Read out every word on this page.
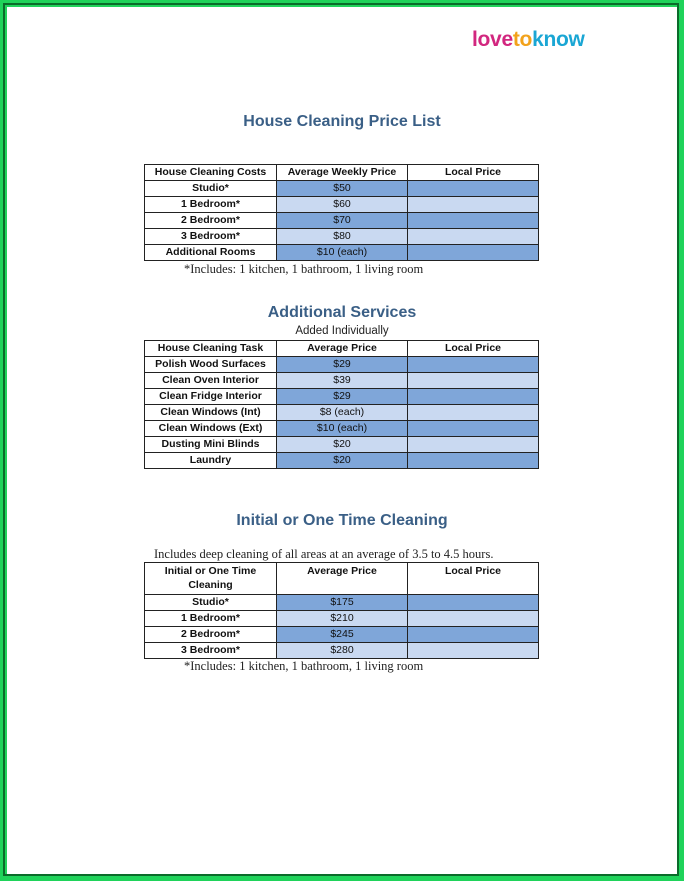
lovetoknow
House Cleaning Price List
House Cleaning Costs	Average Weekly Price	Local Price
Studio*	$50	
1 Bedroom*	$60	
2 Bedroom*	$70	
3 Bedroom*	$80	
Additional Rooms	$10 (each)	
*Includes: 1 kitchen, 1 bathroom, 1 living room
Additional Services
Added Individually
House Cleaning Task	Average Price	Local Price
Polish Wood Surfaces	$29	
Clean Oven Interior	$39	
Clean Fridge Interior	$29	
Clean Windows (Int)	$8 (each)	
Clean Windows (Ext)	$10 (each)	
Dusting Mini Blinds	$20	
Laundry	$20	
Initial or One Time Cleaning
Includes deep cleaning of all areas at an average of 3.5 to 4.5 hours.
Initial or One Time Cleaning	Average Price	Local Price
Studio*	$175	
1 Bedroom*	$210	
2 Bedroom*	$245	
3 Bedroom*	$280	
*Includes: 1 kitchen, 1 bathroom, 1 living room
